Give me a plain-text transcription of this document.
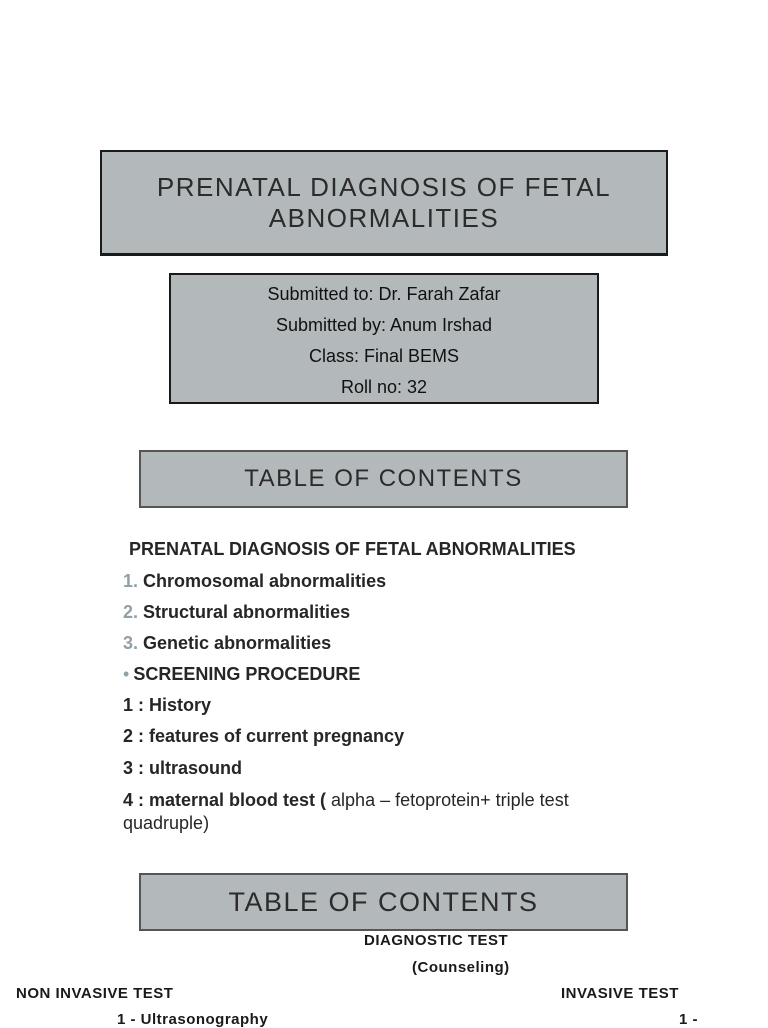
PRENATAL DIAGNOSIS OF FETAL ABNORMALITIES
Submitted to: Dr. Farah Zafar
Submitted by: Anum Irshad
Class: Final BEMS
Roll no: 32
TABLE OF CONTENTS
PRENATAL DIAGNOSIS OF FETAL ABNORMALITIES
1. Chromosomal abnormalities
2. Structural abnormalities
3. Genetic abnormalities
• SCREENING PROCEDURE
1 : History
2 : features of current pregnancy
3 : ultrasound
4 : maternal blood test ( alpha – fetoprotein+ triple test quadruple)
TABLE OF CONTENTS
DIAGNOSTIC TEST
(Counseling)
NON INVASIVE TEST	INVASIVE TEST
1 - Ultrasonography	1 -
